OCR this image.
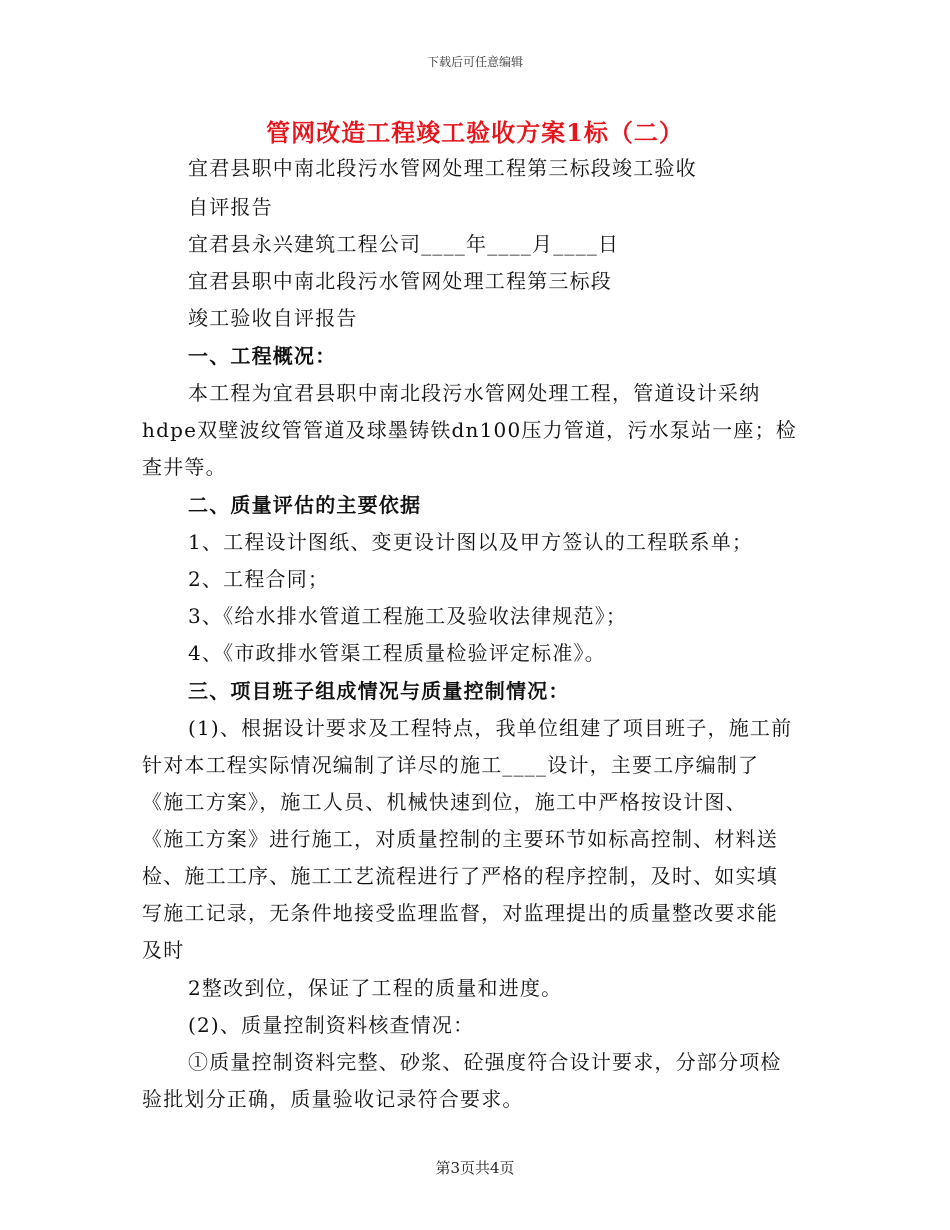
下载后可任意编辑
管网改造工程竣工验收方案1标（二）
宜君县职中南北段污水管网处理工程第三标段竣工验收
自评报告
宜君县永兴建筑工程公司____年____月____日
宜君县职中南北段污水管网处理工程第三标段
竣工验收自评报告
一、工程概况：
本工程为宜君县职中南北段污水管网处理工程，管道设计采纳
hdpe双壁波纹管管道及球墨铸铁dn100压力管道，污水泵站一座；检
查井等。
二、质量评估的主要依据
1、工程设计图纸、变更设计图以及甲方签认的工程联系单；
2、工程合同；
3、《给水排水管道工程施工及验收法律规范》；
4、《市政排水管渠工程质量检验评定标准》。
三、项目班子组成情况与质量控制情况：
(1)、根据设计要求及工程特点，我单位组建了项目班子，施工前
针对本工程实际情况编制了详尽的施工____设计，主要工序编制了
《施工方案》，施工人员、机械快速到位，施工中严格按设计图、
《施工方案》进行施工，对质量控制的主要环节如标高控制、材料送
检、施工工序、施工工艺流程进行了严格的程序控制，及时、如实填
写施工记录，无条件地接受监理监督，对监理提出的质量整改要求能
及时
2整改到位，保证了工程的质量和进度。
(2)、质量控制资料核查情况：
①质量控制资料完整、砂浆、砼强度符合设计要求，分部分项检
验批划分正确，质量验收记录符合要求。
第3页共4页
